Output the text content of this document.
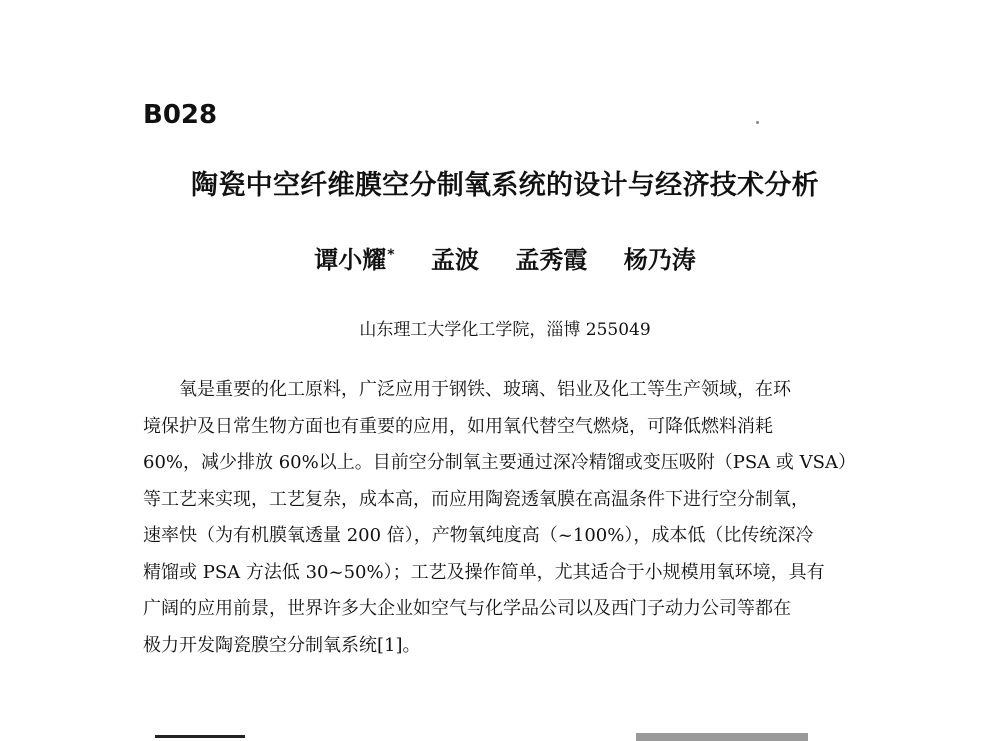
B028
陶瓷中空纤维膜空分制氧系统的设计与经济技术分析
谭小耀* 孟波 孟秀霞 杨乃涛
山东理工大学化工学院，淄博 255049
氧是重要的化工原料，广泛应用于钢铁、玻璃、铝业及化工等生产领域，在环
境保护及日常生物方面也有重要的应用，如用氧代替空气燃烧，可降低燃料消耗
60%，减少排放 60%以上。目前空分制氧主要通过深冷精馏或变压吸附（PSA 或 VSA）
等工艺来实现，工艺复杂，成本高，而应用陶瓷透氧膜在高温条件下进行空分制氧，
速率快（为有机膜氧透量 200 倍），产物氧纯度高（~100%），成本低（比传统深冷
精馏或 PSA 方法低 30~50%）；工艺及操作简单，尤其适合于小规模用氧环境，具有
广阔的应用前景，世界许多大企业如空气与化学品公司以及西门子动力公司等都在
极力开发陶瓷膜空分制氧系统[1]。
